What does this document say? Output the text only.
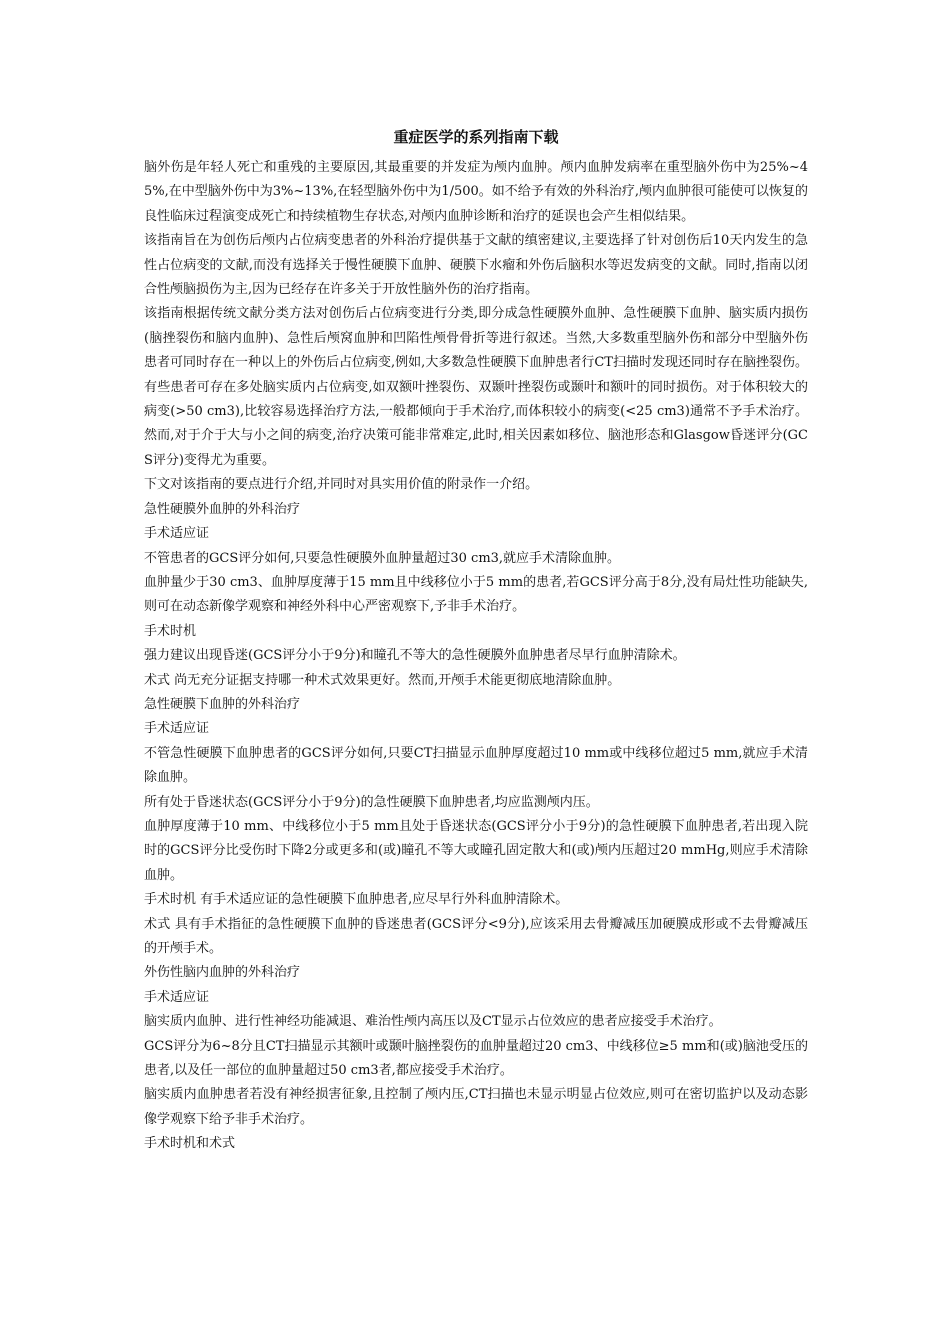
重症医学的系列指南下载

脑外伤是年轻人死亡和重残的主要原因,其最重要的并发症为颅内血肿。颅内血肿发病率在重型脑外伤中为25%~45%,在中型脑外伤中为3%~13%,在轻型脑外伤中为1/500。如不给予有效的外科治疗,颅内血肿很可能使可以恢复的良性临床过程演变成死亡和持续植物生存状态,对颅内血肿诊断和治疗的延误也会产生相似结果。

该指南旨在为创伤后颅内占位病变患者的外科治疗提供基于文献的缜密建议,主要选择了针对创伤后10天内发生的急性占位病变的文献,而没有选择关于慢性硬膜下血肿、硬膜下水瘤和外伤后脑积水等迟发病变的文献。同时,指南以闭合性颅脑损伤为主,因为已经存在许多关于开放性脑外伤的治疗指南。

该指南根据传统文献分类方法对创伤后占位病变进行分类,即分成急性硬膜外血肿、急性硬膜下血肿、脑实质内损伤(脑挫裂伤和脑内血肿)、急性后颅窝血肿和凹陷性颅骨骨折等进行叙述。当然,大多数重型脑外伤和部分中型脑外伤患者可同时存在一种以上的外伤后占位病变,例如,大多数急性硬膜下血肿患者行CT扫描时发现还同时存在脑挫裂伤。有些患者可存在多处脑实质内占位病变,如双额叶挫裂伤、双颞叶挫裂伤或颞叶和额叶的同时损伤。对于体积较大的病变(>50 cm3),比较容易选择治疗方法,一般都倾向于手术治疗,而体积较小的病变(<25 cm3)通常不予手术治疗。然而,对于介于大与小之间的病变,治疗决策可能非常难定,此时,相关因素如移位、脑池形态和Glasgow昏迷评分(GCS评分)变得尤为重要。

下文对该指南的要点进行介绍,并同时对具实用价值的附录作一介绍。

急性硬膜外血肿的外科治疗

手术适应证

不管患者的GCS评分如何,只要急性硬膜外血肿量超过30 cm3,就应手术清除血肿。

血肿量少于30 cm3、血肿厚度薄于15 mm且中线移位小于5 mm的患者,若GCS评分高于8分,没有局灶性功能缺失,则可在动态新像学观察和神经外科中心严密观察下,予非手术治疗。

手术时机

强力建议出现昏迷(GCS评分小于9分)和瞳孔不等大的急性硬膜外血肿患者尽早行血肿清除术。

术式 尚无充分证据支持哪一种术式效果更好。然而,开颅手术能更彻底地清除血肿。

急性硬膜下血肿的外科治疗

手术适应证

不管急性硬膜下血肿患者的GCS评分如何,只要CT扫描显示血肿厚度超过10 mm或中线移位超过5 mm,就应手术清除血肿。

所有处于昏迷状态(GCS评分小于9分)的急性硬膜下血肿患者,均应监测颅内压。

血肿厚度薄于10 mm、中线移位小于5 mm且处于昏迷状态(GCS评分小于9分)的急性硬膜下血肿患者,若出现入院时的GCS评分比受伤时下降2分或更多和(或)瞳孔不等大或瞳孔固定散大和(或)颅内压超过20 mmHg,则应手术清除血肿。

手术时机 有手术适应证的急性硬膜下血肿患者,应尽早行外科血肿清除术。

术式 具有手术指征的急性硬膜下血肿的昏迷患者(GCS评分<9分),应该采用去骨瓣减压加硬膜成形或不去骨瓣减压的开颅手术。

外伤性脑内血肿的外科治疗

手术适应证

脑实质内血肿、进行性神经功能减退、难治性颅内高压以及CT显示占位效应的患者应接受手术治疗。

GCS评分为6~8分且CT扫描显示其额叶或颞叶脑挫裂伤的血肿量超过20 cm3、中线移位≥5 mm和(或)脑池受压的患者,以及任一部位的血肿量超过50 cm3者,都应接受手术治疗。

脑实质内血肿患者若没有神经损害征象,且控制了颅内压,CT扫描也未显示明显占位效应,则可在密切监护以及动态影像学观察下给予非手术治疗。

手术时机和术式
